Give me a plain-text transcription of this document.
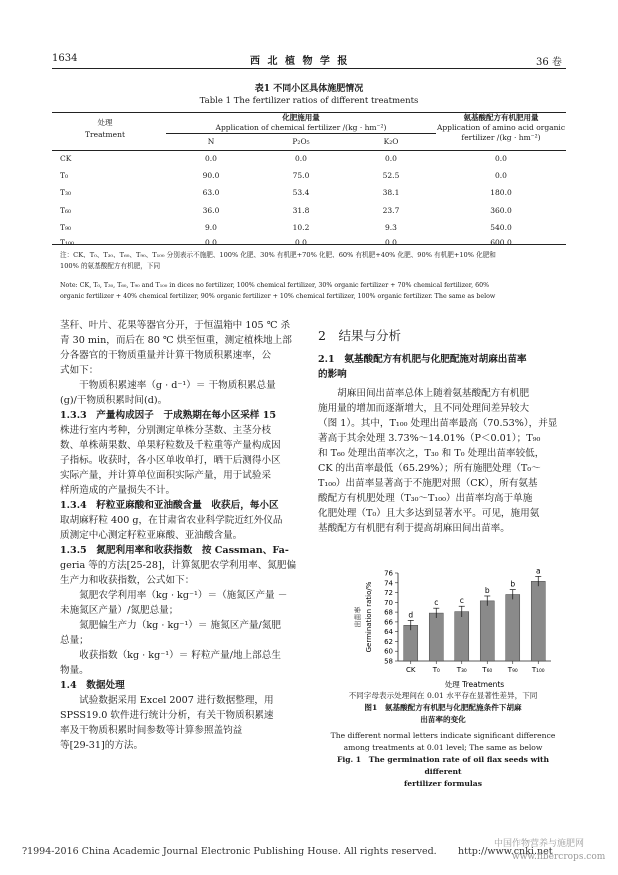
1634	西 北 植 物 学 报	36 卷
表1 不同小区具体施肥情况
Table 1 The fertilizer ratios of different treatments
处理
Treatment
化肥施用量
Application of chemical fertilizer /(kg · hm⁻²)
氨基酸配方有机肥用量
Application of amino acid organic
fertilizer /(kg · hm⁻²)
N	P₂O₅	K₂O
CK	0.0	0.0	0.0	0.0
T₀	90.0	75.0	52.5	0.0
T₃₀	63.0	53.4	38.1	180.0
T₆₀	36.0	31.8	23.7	360.0
T₉₀	9.0	10.2	9.3	540.0
T₁₀₀	0.0	0.0	0.0	600.0
注：CK、T₀、T₃₀、T₆₀、T₉₀、T₁₀₀ 分别表示不施肥、100% 化肥、30% 有机肥+70% 化肥、60% 有机肥+40% 化肥、90% 有机肥+10% 化肥和
100% 的氨基酸配方有机肥，下同
Note: CK, T₀, T₃₀, T₆₀, T₉₀ and T₁₀₀ in dices no fertilizer, 100% chemical fertilizer, 30% organic fertilizer + 70% chemical fertilizer, 60%
organic fertilizer + 40% chemical fertilizer, 90% organic fertilizer + 10% chemical fertilizer, 100% organic fertilizer. The same as below
茎秆、叶片、花果等器官分开，于恒温箱中 105 ℃ 杀
青 30 min，而后在 80 ℃ 烘至恒重，测定植株地上部
分各器官的干物质重量并计算干物质积累速率，公
式如下：
　　干物质积累速率（g · d⁻¹）＝ 干物质积累总量
(g)/干物质积累时间(d)。
1.3.3　产量构成因子　于成熟期在每小区采样 15
株进行室内考种，分别测定单株分茎数、主茎分枝
数、单株蒴果数、单果籽粒数及千粒重等产量构成因
子指标。收获时，各小区单收单打，晒干后测得小区
实际产量，并计算单位面积实际产量，用于试验采
样所造成的产量损失不计。
1.3.4　籽粒亚麻酸和亚油酸含量　收获后，每小区
取胡麻籽粒 400 g，在甘肃省农业科学院近红外仪品
质测定中心测定籽粒亚麻酸、亚油酸含量。
1.3.5　氮肥利用率和收获指数　按 Cassman、Fa-
geria 等的方法[25-28]，计算氮肥农学利用率、氮肥偏
生产力和收获指数，公式如下：
　　氮肥农学利用率（kg · kg⁻¹）＝（施氮区产量 －
未施氮区产量）/氮肥总量；
　　氮肥偏生产力（kg · kg⁻¹）＝ 施氮区产量/氮肥
总量；
　　收获指数（kg · kg⁻¹）＝ 籽粒产量/地上部总生
物量。
1.4　数据处理
　　试验数据采用 Excel 2007 进行数据整理，用
SPSS19.0 软件进行统计分析，有关干物质积累速
率及干物质积累时间参数等计算参照盖钧益
等[29-31]的方法。
2　结果与分析
2.1　氨基酸配方有机肥与化肥配施对胡麻出苗率
的影响
　　胡麻田间出苗率总体上随着氨基酸配方有机肥
施用量的增加而逐渐增大，且不同处理间差异较大
（图 1）。其中，T₁₀₀ 处理出苗率最高（70.53%），并显
著高于其余处理 3.73%～14.01%（P＜0.01）；T₉₀
和 T₆₀ 处理出苗率次之，T₃₀ 和 T₀ 处理出苗率较低，
CK 的出苗率最低（65.29%）；所有施肥处理（T₀～
T₁₀₀）出苗率显著高于不施肥对照（CK），所有氨基
酸配方有机肥处理（T₃₀～T₁₀₀）出苗率均高于单施
化肥处理（T₀）且大多达到显著水平。可见，施用氨
基酸配方有机肥有利于提高胡麻田间出苗率。
58
60
62
64
66
68
70
72
74
76
d
CK
c
T₀
c
T₃₀
b
T₆₀
b
T₉₀
a
T₁₀₀
出苗率 Germination ratio/%
处理 Treatments
不同字母表示处理间在 0.01 水平存在显著性差异，下同
图1　氨基酸配方有机肥与化肥配施条件下胡麻
出苗率的变化
The different normal letters indicate significant difference
among treatments at 0.01 level; The same as below
Fig. 1　The germination rate of oil flax seeds with different
fertilizer formulas
?1994-2016 China Academic Journal Electronic Publishing House. All rights reserved. http://www.cnki.net
中国作物营养与施肥网
www.fibercrops.com
